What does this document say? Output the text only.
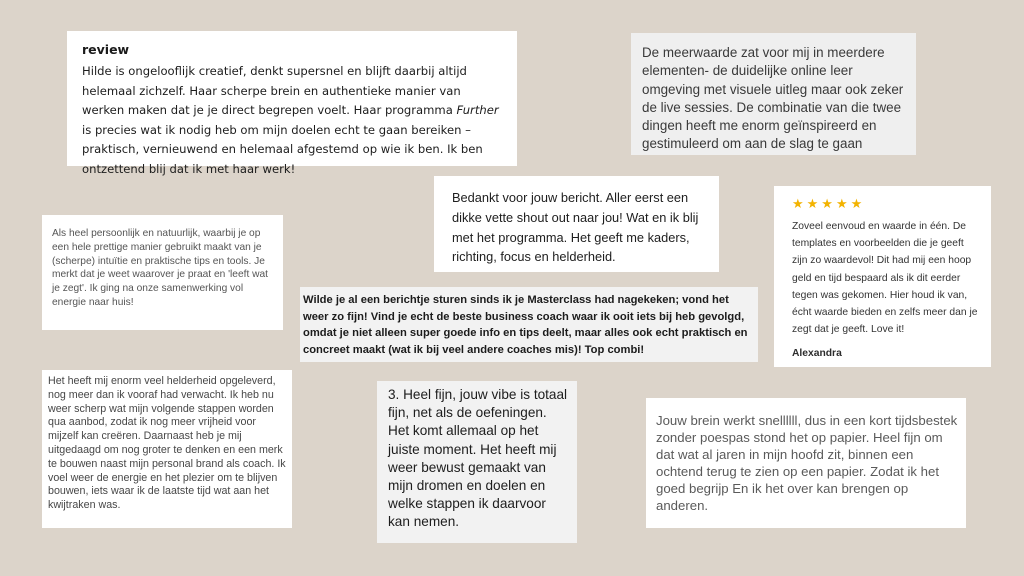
review

Hilde is ongelooflijk creatief, denkt supersnel en blijft daarbij altijd helemaal zichzelf. Haar scherpe brein en authentieke manier van werken maken dat je je direct begrepen voelt. Haar programma Further is precies wat ik nodig heb om mijn doelen echt te gaan bereiken – praktisch, vernieuwend en helemaal afgestemd op wie ik ben. Ik ben ontzettend blij dat ik met haar werk!

De meerwaarde zat voor mij in meerdere elementen- de duidelijke online leer omgeving met visuele uitleg maar ook zeker de live sessies. De combinatie van die twee dingen heeft me enorm geïnspireerd en gestimuleerd om aan de slag te gaan

Bedankt voor jouw bericht. Aller eerst een dikke vette shout out naar jou! Wat en ik blij met het programma. Het geeft me kaders, richting, focus en helderheid.

★★★★★

Zoveel eenvoud en waarde in één. De templates en voorbeelden die je geeft zijn zo waardevol! Dit had mij een hoop geld en tijd bespaard als ik dit eerder tegen was gekomen. Hier houd ik van, écht waarde bieden en zelfs meer dan je zegt dat je geeft. Love it!

Alexandra

Als heel persoonlijk en natuurlijk, waarbij je op een hele prettige manier gebruikt maakt van je (scherpe) intuïtie en praktische tips en tools. Je merkt dat je weet waarover je praat en 'leeft wat je zegt'. Ik ging na onze samenwerking vol energie naar huis!	Wilde je al een berichtje sturen sinds ik je Masterclass had nagekeken; vond het weer zo fijn! Vind je echt de beste business coach waar ik ooit iets bij heb gevolgd, omdat je niet alleen super goede info en tips deelt, maar alles ook echt praktisch en concreet maakt (wat ik bij veel andere coaches mis)! Top combi!

Het heeft mij enorm veel helderheid opgeleverd, nog meer dan ik vooraf had verwacht. Ik heb nu weer scherp wat mijn volgende stappen worden qua aanbod, zodat ik nog meer vrijheid voor mijzelf kan creëren. Daarnaast heb je mij uitgedaagd om nog groter te denken en een merk te bouwen naast mijn personal brand als coach. Ik voel weer de energie en het plezier om te blijven bouwen, iets waar ik de laatste tijd wat aan het kwijtraken was.

3. Heel fijn, jouw vibe is totaal fijn, net als de oefeningen. Het komt allemaal op het juiste moment. Het heeft mij weer bewust gemaakt van mijn dromen en doelen en welke stappen ik daarvoor kan nemen.

Jouw brein werkt snellllll, dus in een kort tijdsbestek zonder poespas stond het op papier. Heel fijn om dat wat al jaren in mijn hoofd zit, binnen een ochtend terug te zien op een papier. Zodat ik het goed begrijp En ik het over kan brengen op anderen.
